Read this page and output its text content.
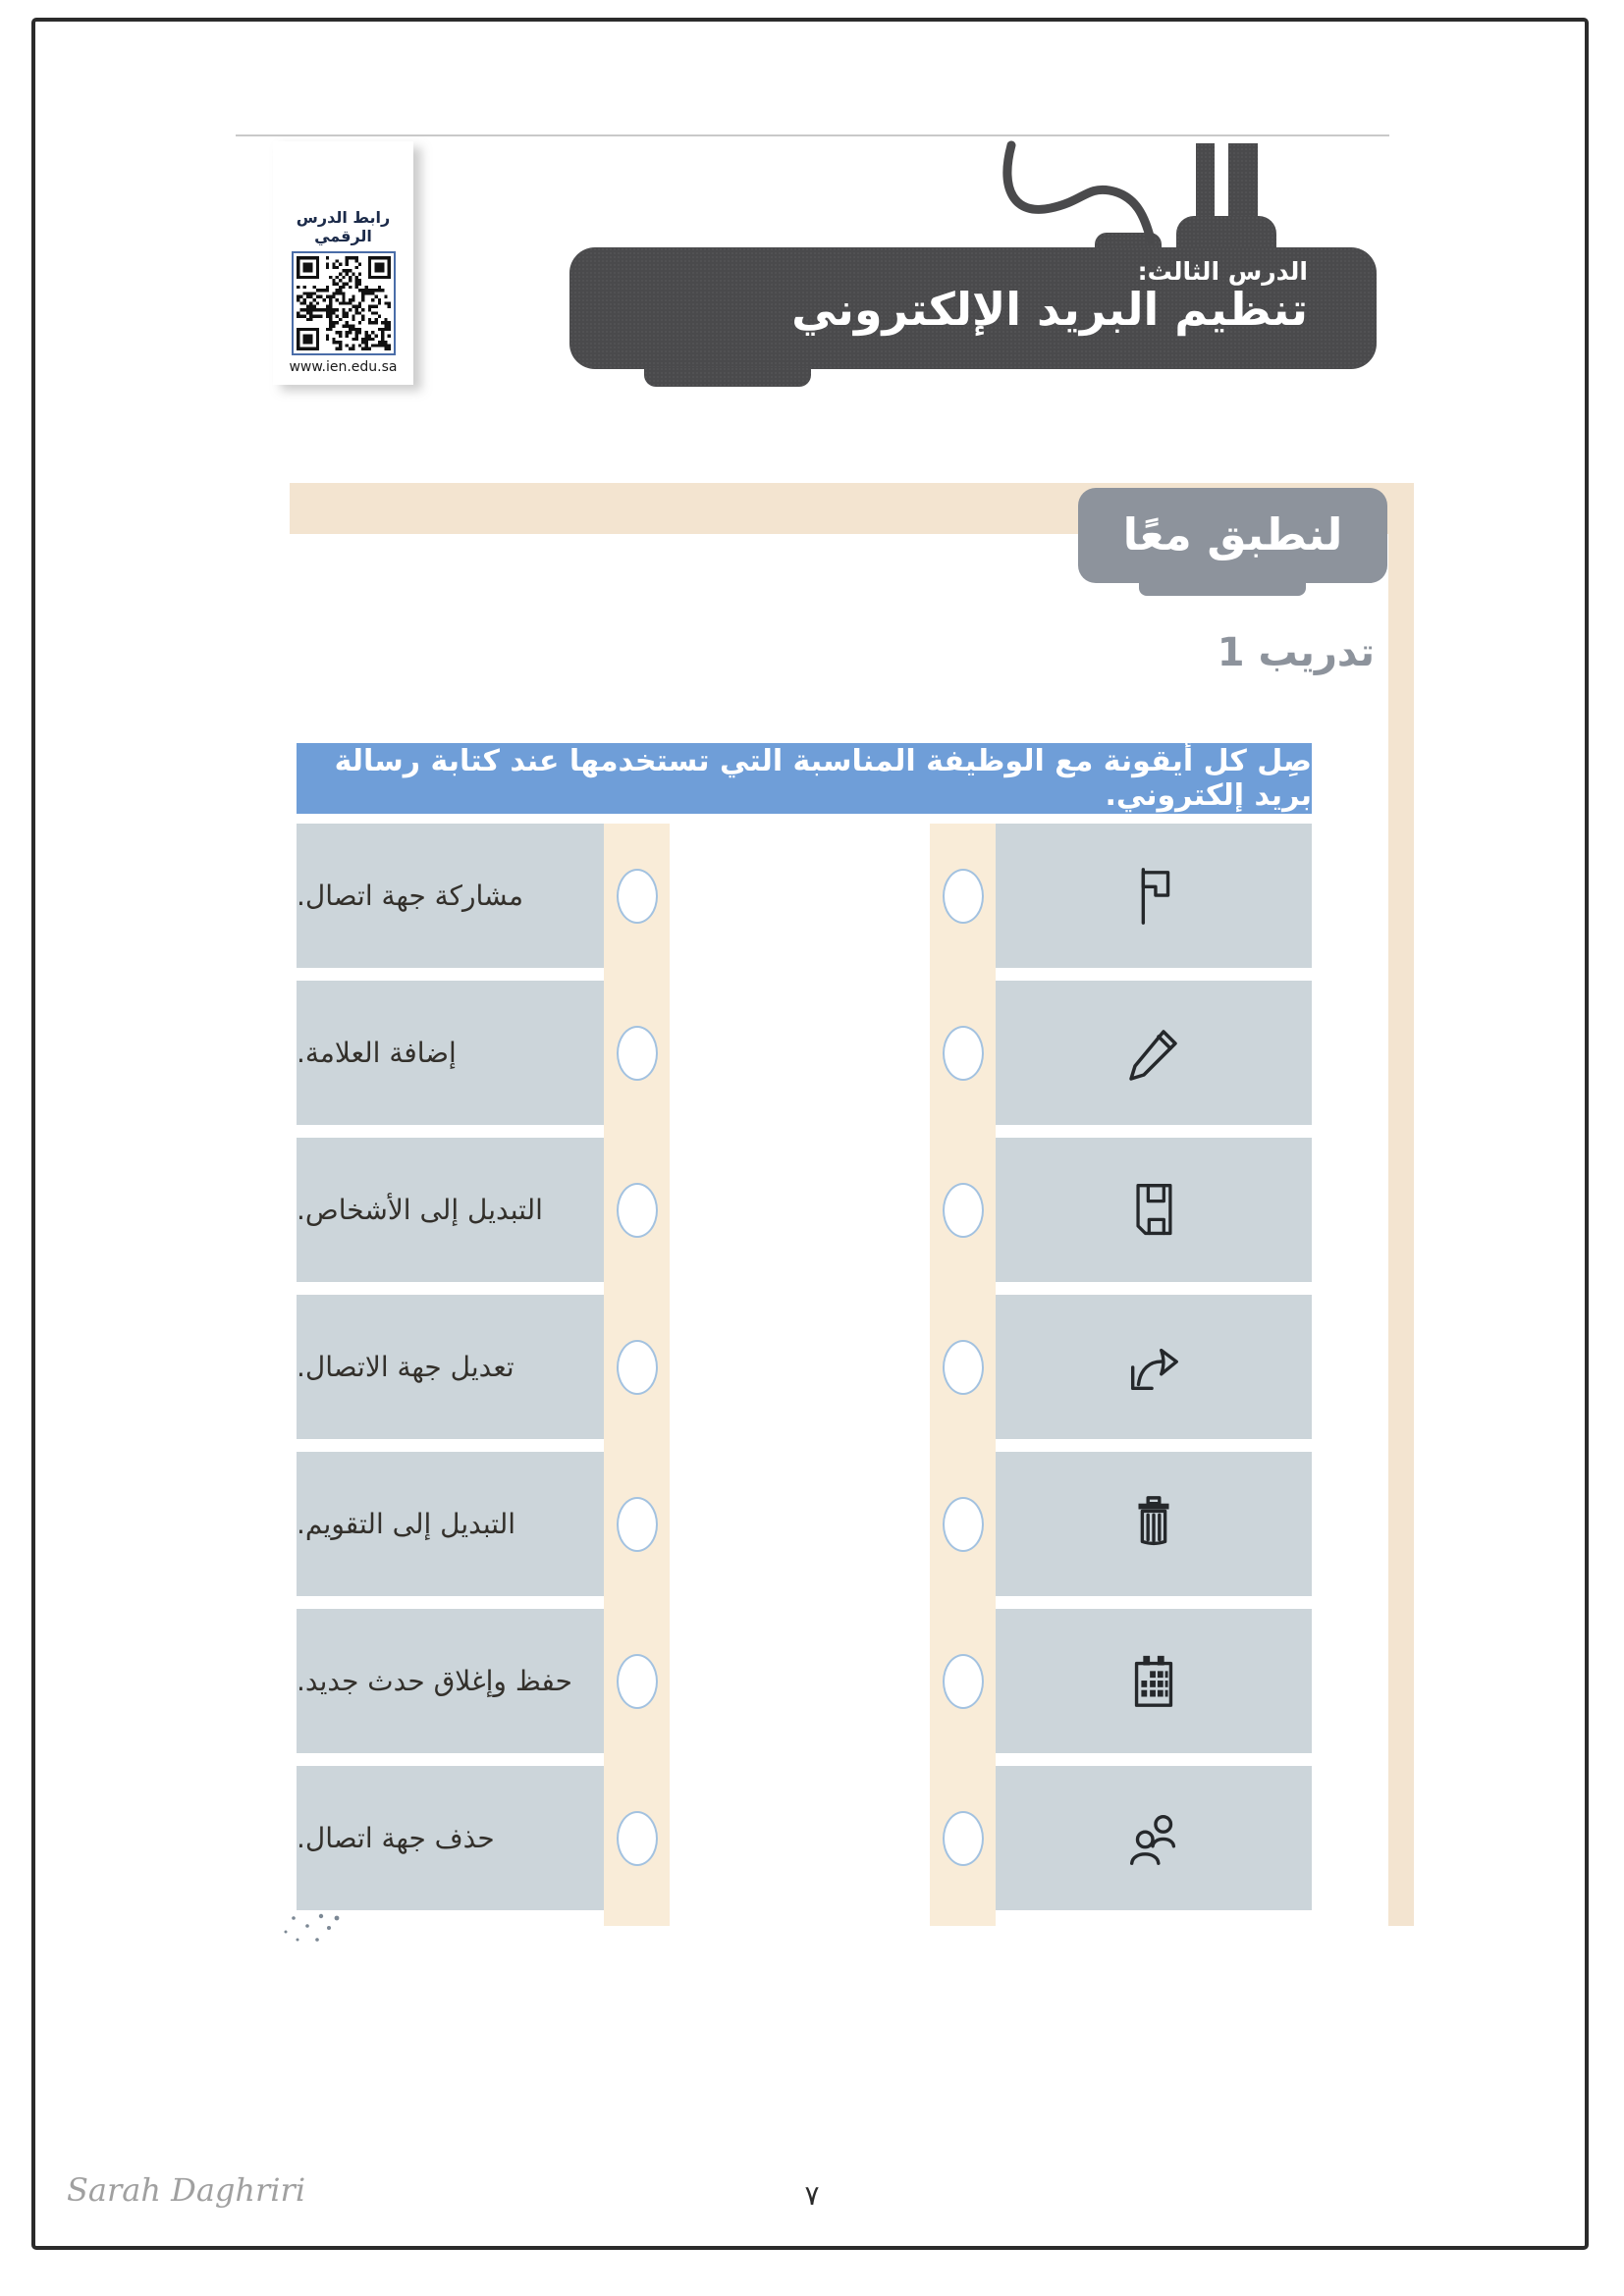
رابط الدرس الرقمي
www.ien.edu.sa
الدرس الثالث:
تنظيم البريد الإلكتروني
لنطبق معًا
تدريب 1
صِل كل أيقونة مع الوظيفة المناسبة التي تستخدمها عند كتابة رسالة بريد إلكتروني.
مشاركة جهة اتصال.
إضافة العلامة.
التبديل إلى الأشخاص.
تعديل جهة الاتصال.
التبديل إلى التقويم.
حفظ وإغلاق حدث جديد.
حذف جهة اتصال.
Sarah Daghriri	٧
